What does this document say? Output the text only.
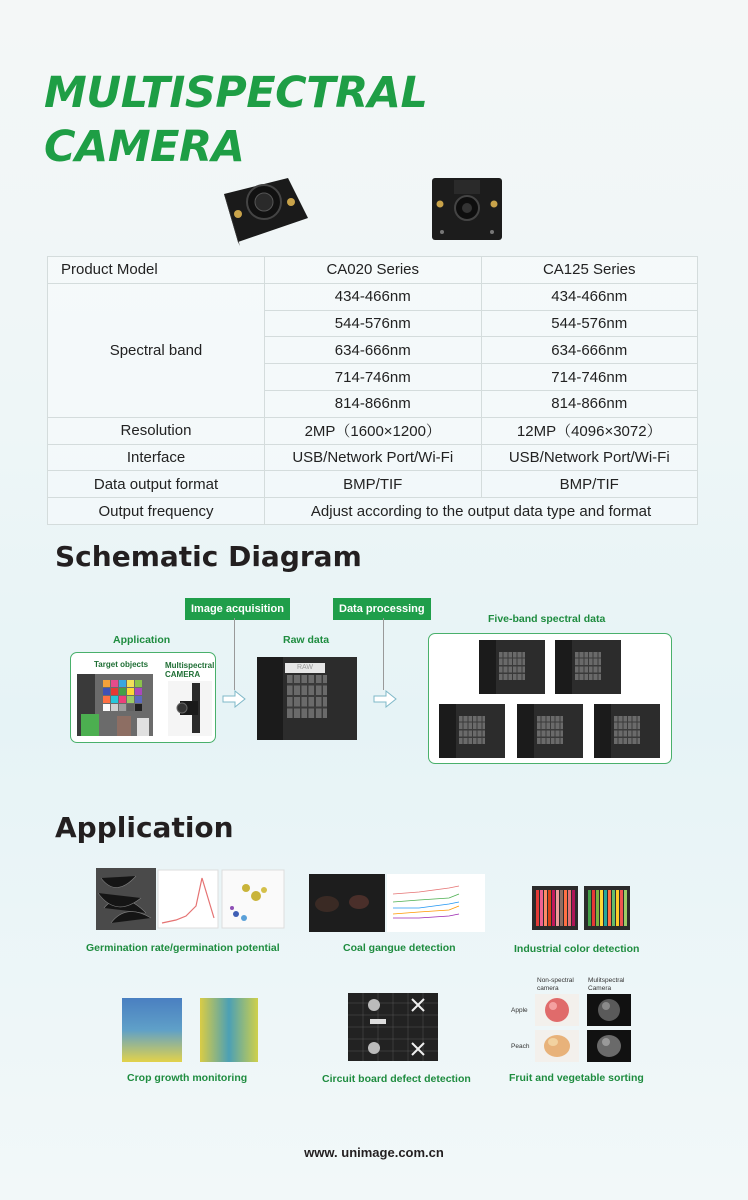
MULTISPECTRAL
CAMERA
Product Model	CA020 Series	CA125 Series
Spectral band	434-466nm	434-466nm
	544-576nm	544-576nm
	634-666nm	634-666nm
	714-746nm	714-746nm
	814-866nm	814-866nm
Resolution	2MP（1600×1200）	12MP（4096×3072）
Interface	USB/Network Port/Wi-Fi	USB/Network Port/Wi-Fi
Data output format	BMP/TIF	BMP/TIF
Output frequency	Adjust according to the output data type and format	
Schematic Diagram
Image acquisition	Data processing
Application
Target objects Multispectral
CAMERA
Raw data
RAW
Five-band spectral data
Application
Germination rate/germination potential	Coal gangue detection	Industrial color detection
Crop growth monitoring	Circuit board defect detection
Non-spectral camera
Mulitspectral Camera
Apple
Peach
Fruit and vegetable sorting
www. unimage.com.cn
